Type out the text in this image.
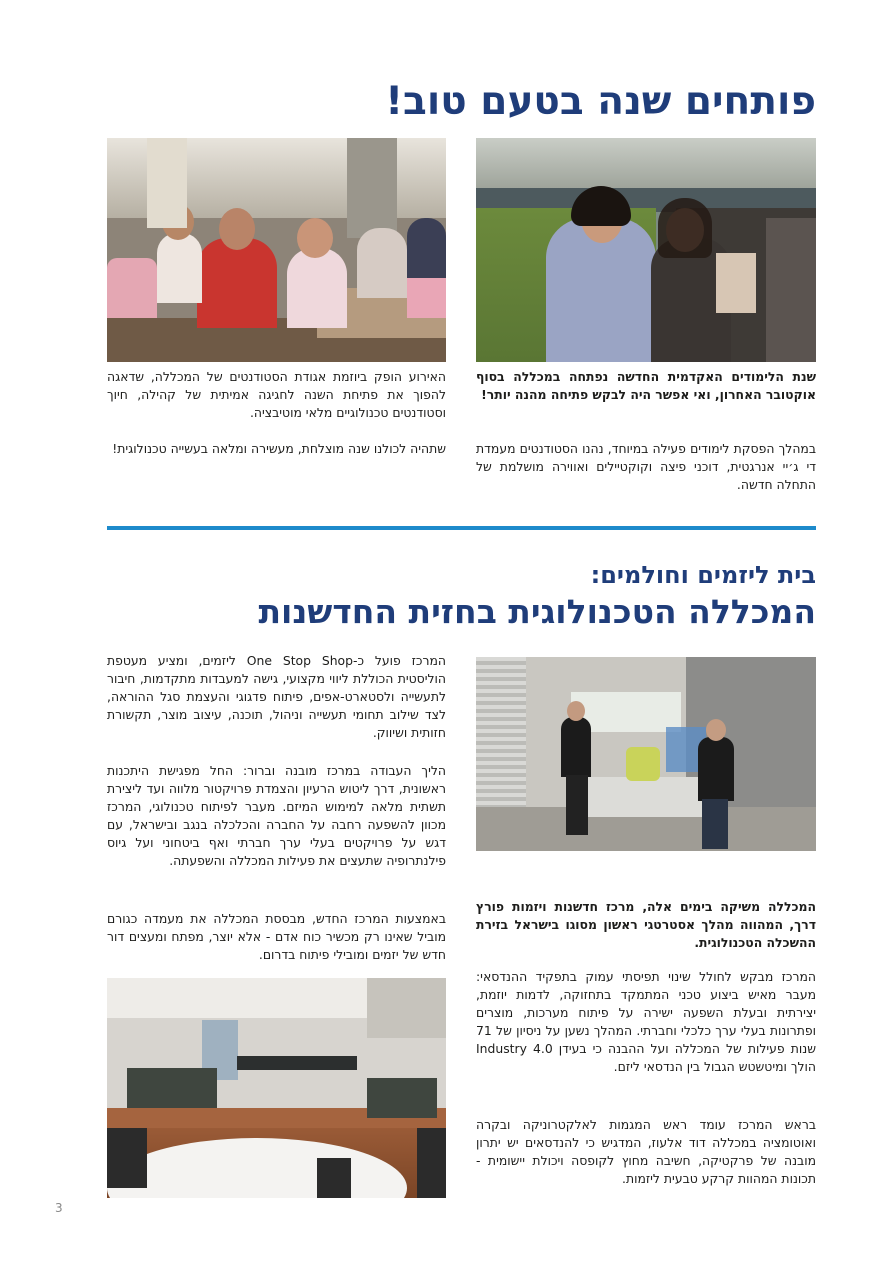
פותחים שנה בטעם טוב!

שנת הלימודים האקדמית החדשה נפתחה במכללה בסוף אוקטובר האחרון, ואי אפשר היה לבקש פתיחה מהנה יותר!

במהלך הפסקת לימודים פעילה במיוחד, נהנו הסטודנטים מעמדת די ג׳יי אנרגטית, דוכני פיצה וקוקטיילים ואווירה מושלמת של התחלה חדשה.

האירוע הופק ביוזמת אגודת הסטודנטים של המכללה, שדאגה להפוך את פתיחת השנה לחגיגה אמיתית של קהילה, חיוך וסטודנטים טכנולוגיים מלאי מוטיבציה.

שתהיה לכולנו שנה מוצלחת, מעשירה ומלאה בעשייה טכנולוגית!

בית ליזמים וחולמים:
המכללה הטכנולוגית בחזית החדשנות

המרכז פועל כ-One Stop Shop ליזמים, ומציע מעטפת הוליסטית הכוללת ליווי מקצועי, גישה למעבדות מתקדמות, חיבור לתעשייה ולסטארט-אפים, פיתוח פדגוגי והעצמת סגל ההוראה, לצד שילוב תחומי תעשייה וניהול, תוכנה, עיצוב מוצר, תקשורת חזותית ושיווק.

הליך העבודה במרכז מובנה וברור: החל מפגישת היתכנות ראשונית, דרך ליטוש הרעיון והצמדת פרויקטור מלווה ועד ליצירת תשתית מלאה למימוש המיזם. מעבר לפיתוח טכנולוגי, המרכז מכוון להשפעה רחבה על החברה והכלכלה בנגב ובישראל, עם דגש על פרויקטים בעלי ערך חברתי ואף ביטחוני ועל גיוס פילנתרופיה שתעצים את פעילות המכללה והשפעתה.

באמצעות המרכז החדש, מבססת המכללה את מעמדה כגורם מוביל שאינו רק מכשיר כוח אדם - אלא יוצר, מפתח ומעצים דור חדש של יזמים ומובילי פיתוח בדרום.

המכללה משיקה בימים אלה, מרכז חדשנות ויזמות פורץ דרך, המהווה מהלך אסטרטגי ראשון מסוגו בישראל בזירת ההשכלה הטכנולוגית.

המרכז מבקש לחולל שינוי תפיסתי עמוק בתפקיד ההנדסאי: מעבר מאיש ביצוע טכני המתמקד בתחזוקה, לדמות יוזמת, יצירתית ובעלת השפעה ישירה על פיתוח מערכות, מוצרים ופתרונות בעלי ערך כלכלי וחברתי. המהלך נשען על ניסיון של 71 שנות פעילות של המכללה ועל ההבנה כי בעידן Industry 4.0 הולך ומיטשטש הגבול בין הנדסאי ליזם.

בראש המרכז עומד ראש המגמות לאלקטרוניקה ובקרה ואוטומציה במכללה דוד אלעוז, המדגיש כי להנדסאים יש יתרון מובנה של פרקטיקה, חשיבה מחוץ לקופסה ויכולת יישומית - תכונות המהוות קרקע טבעית ליזמות.

3
